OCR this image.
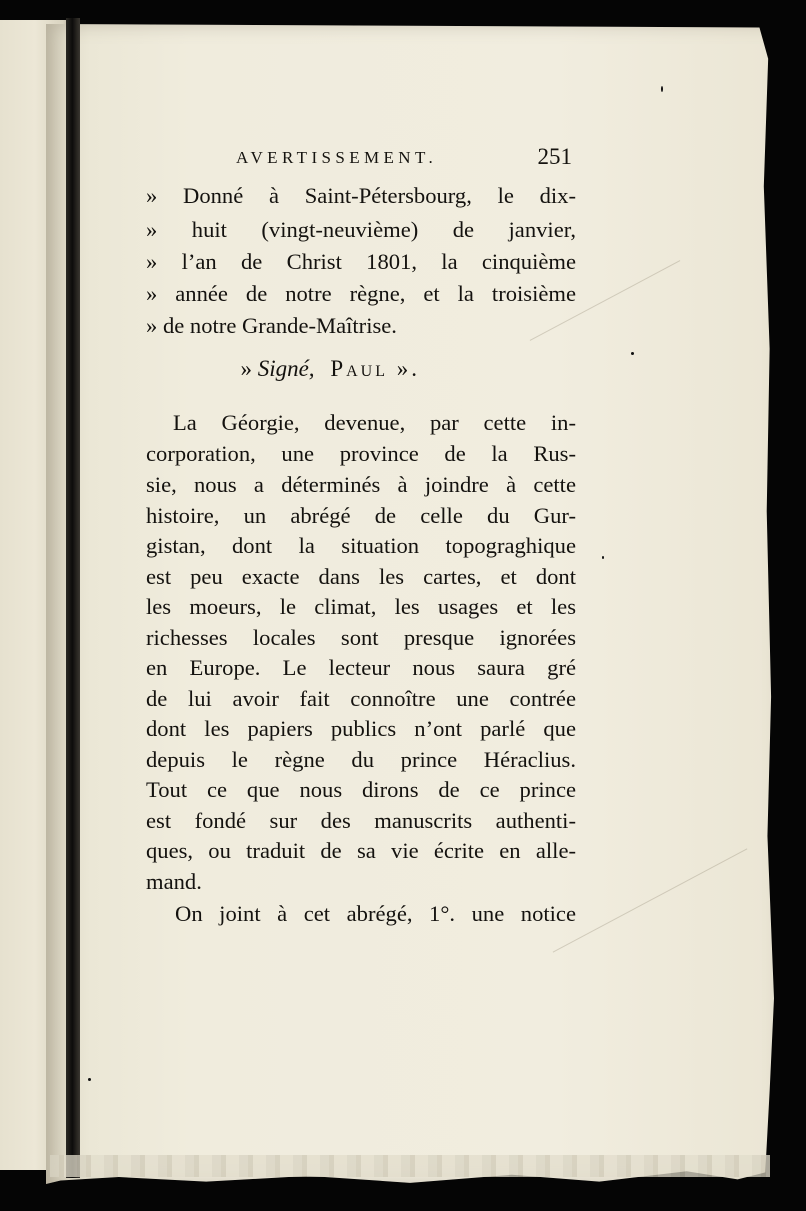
AVERTISSEMENT.	251
» Donné à Saint-Pétersbourg, le dix-
» huit (vingt-neuvième) de janvier,
» l’an de Christ 1801, la cinquième
» année de notre règne, et la troisième
» de notre Grande-Maîtrise.
La Géorgie, devenue, par cette in-
corporation, une province de la Rus-
sie, nous a déterminés à joindre à cette
histoire, un abrégé de celle du Gur-
gistan, dont la situation topograghique
est peu exacte dans les cartes, et dont
les moeurs, le climat, les usages et les
richesses locales sont presque ignorées
en Europe. Le lecteur nous saura gré
de lui avoir fait connoître une contrée
dont les papiers publics n’ont parlé que
depuis le règne du prince Héraclius.
Tout ce que nous dirons de ce prince
est fondé sur des manuscrits authenti-
ques, ou traduit de sa vie écrite en alle-
mand.
On joint à cet abrégé, 1°. une notice
» Signé, Paul ».
